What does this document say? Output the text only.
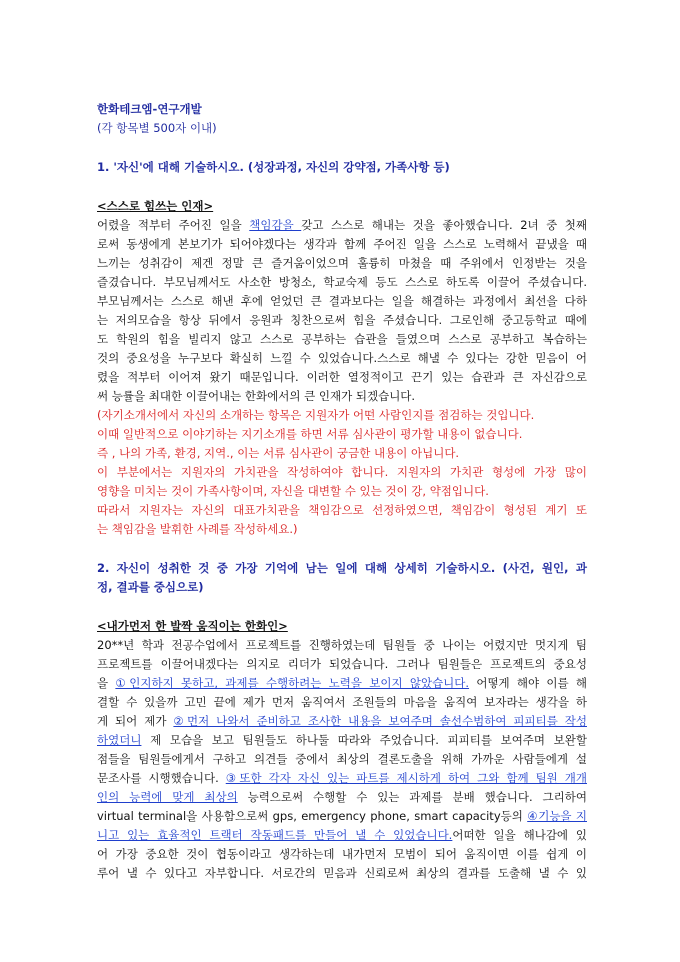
한화테크엠-연구개발
(각 항목별 500자 이내)
1. '자신'에 대해 기술하시오. (성장과정, 자신의 강약점, 가족사항 등)
<스스로 힘쓰는 인재>
어렸을 적부터 주어진 일을 책임감을 갖고 스스로 해내는 것을 좋아했습니다. 2녀 중 첫째
로써 동생에게 본보기가 되어야겠다는 생각과 함께 주어진 일을 스스로 노력해서 끝냈을 때
느끼는 성취감이 제겐 정말 큰 즐거움이었으며 훌륭히 마쳤을 때 주위에서 인정받는 것을
즐겼습니다. 부모님께서도 사소한 방청소, 학교숙제 등도 스스로 하도록 이끌어 주셨습니다.
부모님께서는 스스로 해낸 후에 얻었던 큰 결과보다는 일을 해결하는 과정에서 최선을 다하
는 저의모습을 항상 뒤에서 응원과 칭찬으로써 힘을 주셨습니다. 그로인해 중고등학교 때에
도 학원의 힘을 빌리지 않고 스스로 공부하는 습관을 들였으며 스스로 공부하고 복습하는
것의 중요성을 누구보다 확실히 느낄 수 있었습니다.스스로 해낼 수 있다는 강한 믿음이 어
렸을 적부터 이어져 왔기 때문입니다. 이러한 열정적이고 끈기 있는 습관과 큰 자신감으로
써 능률을 최대한 이끌어내는 한화에서의 큰 인재가 되겠습니다.
(자기소개서에서 자신의 소개하는 항목은 지원자가 어떤 사람인지를 점검하는 것입니다.
이때 일반적으로 이야기하는 지기소개를 하면 서류 심사관이 평가할 내용이 없습니다.
즉 , 나의 가족, 환경, 지역., 이는 서류 심사관이 궁금한 내용이 아닙니다.
이 부분에서는 지원자의 가치관을 작성하여야 합니다. 지원자의 가치관 형성에 가장 많이
영향을 미치는 것이 가족사항이며, 자신을 대변할 수 있는 것이 강, 약점입니다.
따라서 지원자는 자신의 대표가치관을 책임감으로 선정하였으면, 책임감이 형성된 계기 또
는 책임감을 발휘한 사례를 작성하세요.)
2. 자신이 성취한 것 중 가장 기억에 남는 일에 대해 상세히 기술하시오. (사건, 원인, 과
정, 결과를 중심으로)
<내가먼저 한 발짝 움직이는 한화인>
20**년 학과 전공수업에서 프로젝트를 진행하였는데 팀원들 중 나이는 어렸지만 멋지게 팀
프로젝트를 이끌어내겠다는 의지로 리더가 되었습니다. 그러나 팀원들은 프로젝트의 중요성
을 ①인지하지 못하고, 과제를 수행하려는 노력을 보이지 않았습니다. 어떻게 해야 이를 해
결할 수 있을까 고민 끝에 제가 먼저 움직여서 조원들의 마음을 움직여 보자라는 생각을 하
게 되어 제가 ②먼저 나와서 준비하고 조사한 내용을 보여주며 솔선수범하여 피피티를 작성
하였더니 제 모습을 보고 팀원들도 하나둘 따라와 주었습니다. 피피티를 보여주며 보완할
점들을 팀원들에게서 구하고 의견들 중에서 최상의 결론도출을 위해 가까운 사람들에게 설
문조사를 시행했습니다. ③또한 각자 자신 있는 파트를 제시하게 하여 그와 함께 팀원 개개
인의 능력에 맞게 최상의 능력으로써 수행할 수 있는 과제를 분배 했습니다. 그리하여
virtual terminal을 사용함으로써 gps, emergency phone, smart capacity등의 ④기능을 지
니고 있는 효율적인 트랙터 작동패드를 만들어 낼 수 있었습니다.어떠한 일을 해나감에 있
어 가장 중요한 것이 협동이라고 생각하는데 내가먼저 모범이 되어 움직이면 이를 쉽게 이
루어 낼 수 있다고 자부합니다. 서로간의 믿음과 신뢰로써 최상의 결과를 도출해 낼 수 있
